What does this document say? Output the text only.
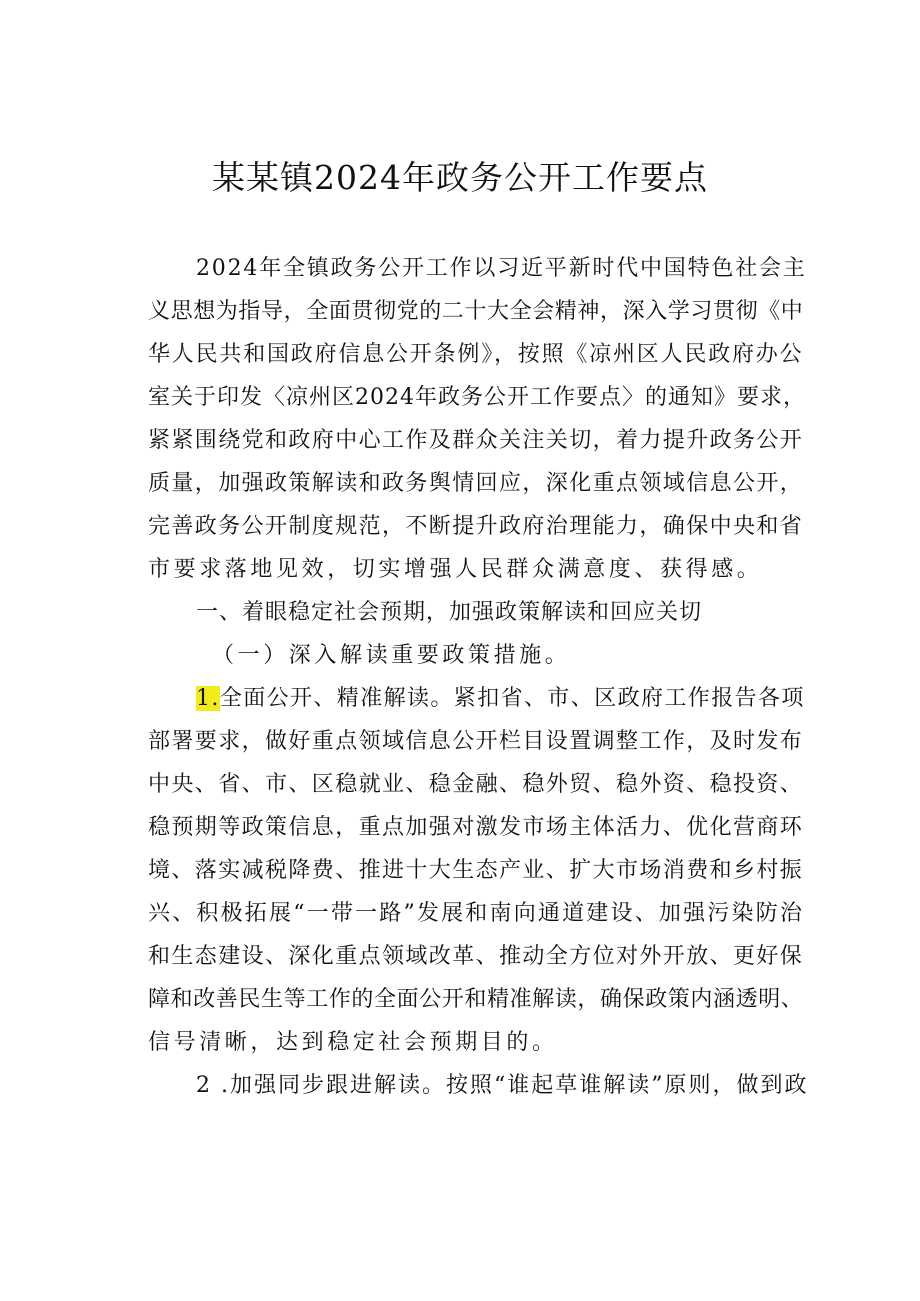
某某镇2024年政务公开工作要点
2024年全镇政务公开工作以习近平新时代中国特色社会主
义思想为指导，全面贯彻党的二十大全会精神，深入学习贯彻《中
华人民共和国政府信息公开条例》，按照《凉州区人民政府办公
室关于印发〈凉州区2024年政务公开工作要点〉的通知》要求，
紧紧围绕党和政府中心工作及群众关注关切，着力提升政务公开
质量，加强政策解读和政务舆情回应，深化重点领域信息公开，
完善政务公开制度规范，不断提升政府治理能力，确保中央和省
市要求落地见效，切实增强人民群众满意度、获得感。
一、着眼稳定社会预期，加强政策解读和回应关切
（一）深入解读重要政策措施。
1.全面公开、精准解读。紧扣省、市、区政府工作报告各项
部署要求，做好重点领域信息公开栏目设置调整工作，及时发布
中央、省、市、区稳就业、稳金融、稳外贸、稳外资、稳投资、
稳预期等政策信息，重点加强对激发市场主体活力、优化营商环
境、落实减税降费、推进十大生态产业、扩大市场消费和乡村振
兴、积极拓展“一带一路”发展和南向通道建设、加强污染防治
和生态建设、深化重点领域改革、推动全方位对外开放、更好保
障和改善民生等工作的全面公开和精准解读，确保政策内涵透明、
信号清晰，达到稳定社会预期目的。
2 .加强同步跟进解读。按照“谁起草谁解读”原则，做到政
